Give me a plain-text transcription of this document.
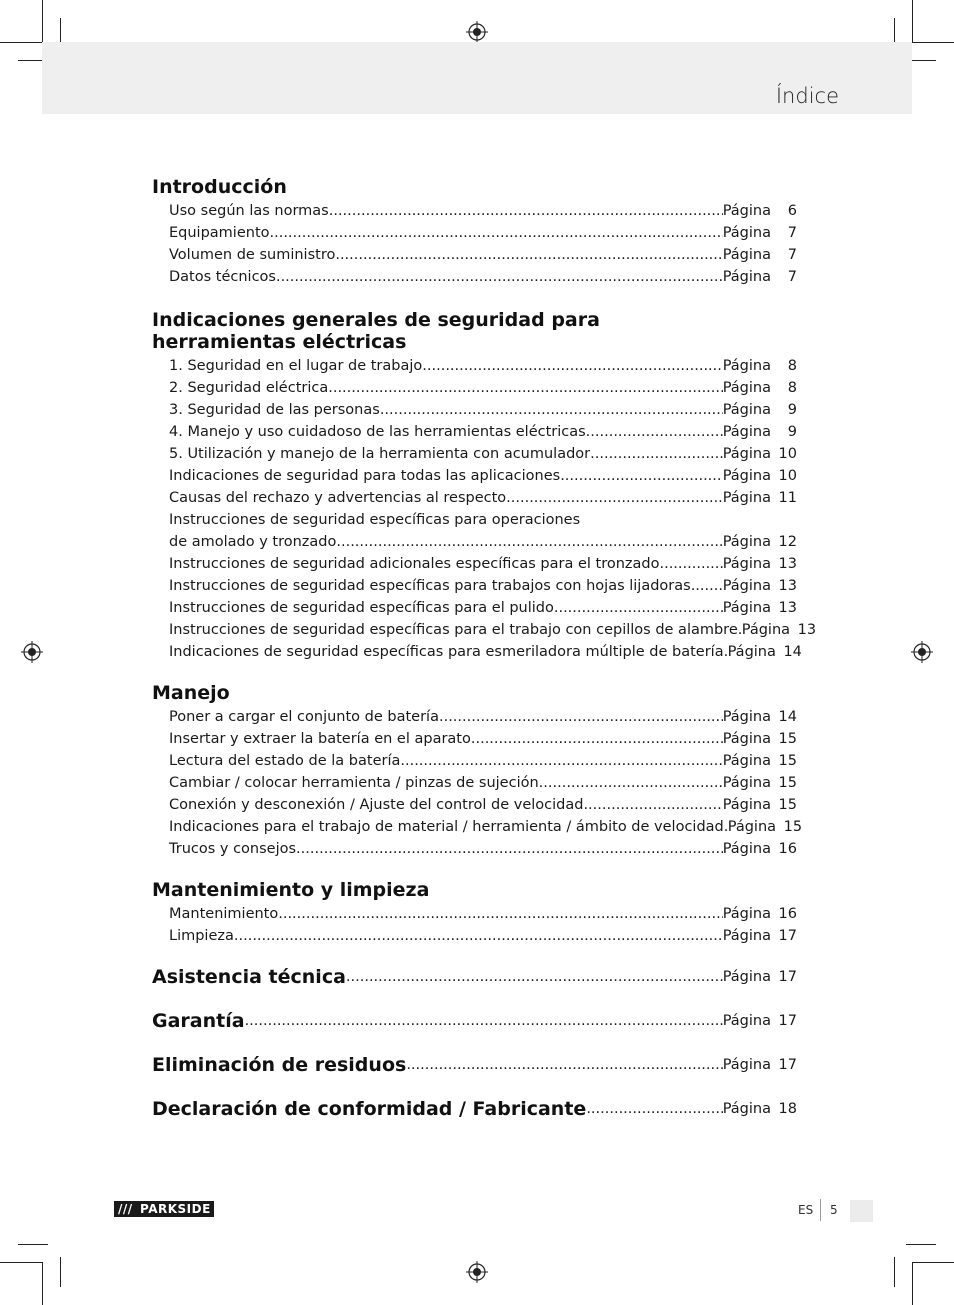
Índice
Introducción
Uso según las normas .....	Página 6
Equipamiento .....	Página 7
Volumen de suministro .....	Página 7
Datos técnicos .....	Página 7
Indicaciones generales de seguridad para
herramientas eléctricas
1. Seguridad en el lugar de trabajo .....	Página 8
2. Seguridad eléctrica .....	Página 8
3. Seguridad de las personas .....	Página 9
4. Manejo y uso cuidadoso de las herramientas eléctricas .....	Página 9
5. Utilización y manejo de la herramienta con acumulador .....	Página 10
Indicaciones de seguridad para todas las aplicaciones .....	Página 10
Causas del rechazo y advertencias al respecto .....	Página 11
Instrucciones de seguridad específicas para operaciones
de amolado y tronzado .....	Página 12
Instrucciones de seguridad adicionales específicas para el tronzado .....	Página 13
Instrucciones de seguridad específicas para trabajos con hojas lijadoras ..... Página 13
Instrucciones de seguridad específicas para el pulido .....	Página 13
Instrucciones de seguridad específicas para el trabajo con cepillos de alambre ..... Página 13
Indicaciones de seguridad específicas para esmeriladora múltiple de batería ..... Página 14
Manejo
Poner a cargar el conjunto de batería .....	Página 14
Insertar y extraer la batería en el aparato .....	Página 15
Lectura del estado de la batería .....	Página 15
Cambiar / colocar herramienta / pinzas de sujeción .....	Página 15
Conexión y desconexión / Ajuste del control de velocidad .....	Página 15
Indicaciones para el trabajo de material / herramienta / ámbito de velocidad ..... Página 15
Trucos y consejos .....	Página 16
Mantenimiento y limpieza
Mantenimiento .....	Página 16
Limpieza .....	Página 17
Asistencia técnica .....	Página 17
Garantía .....	Página 17
Eliminación de residuos .....	Página 17
Declaración de conformidad / Fabricante .....	Página 18
/// PARKSIDE	ES 5
